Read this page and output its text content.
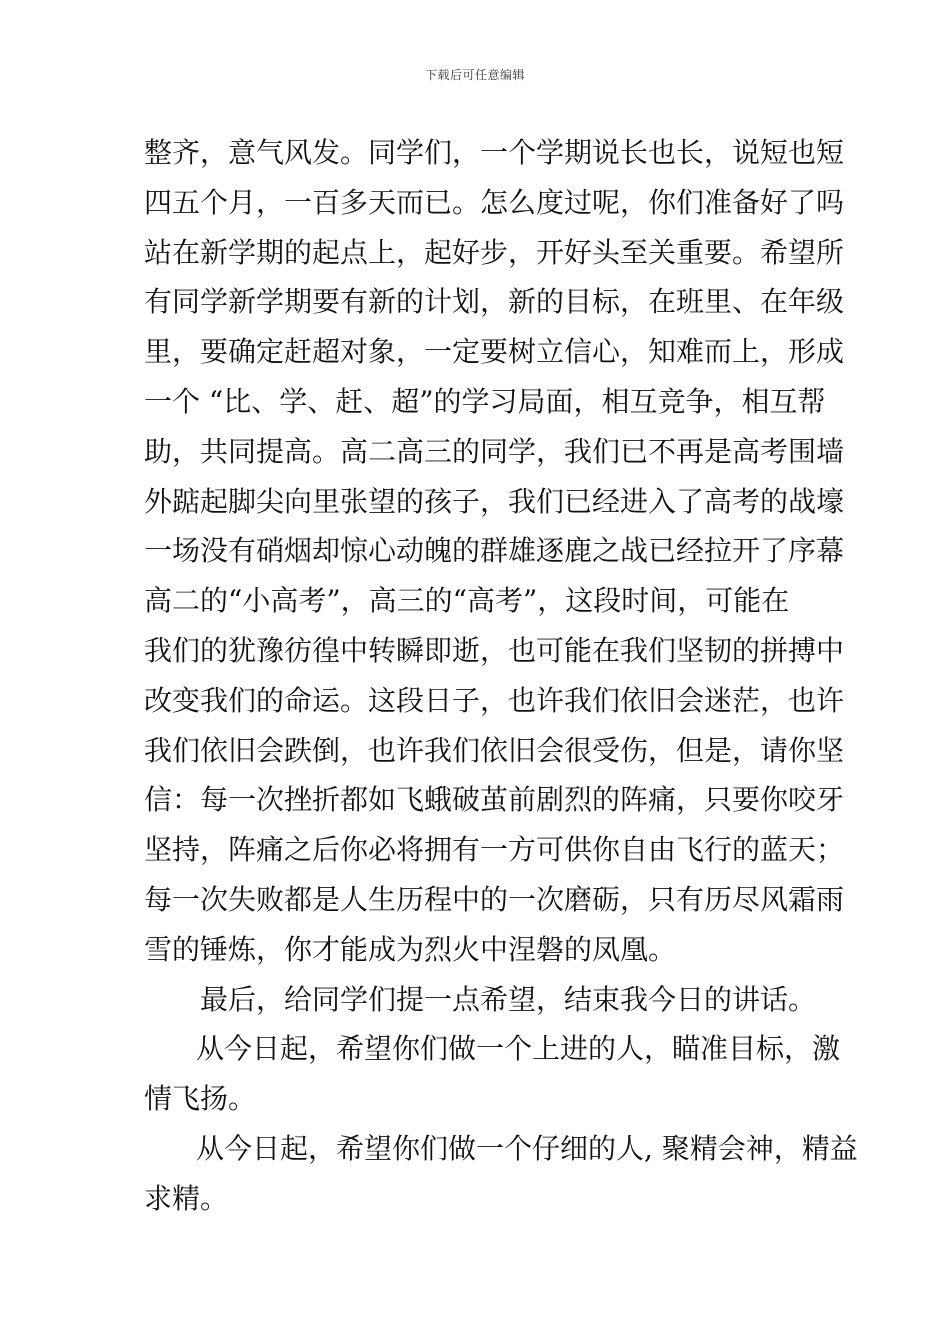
下载后可任意编辑
整齐，意气风发。同学们，一个学期说长也长，说短也短
四五个月，一百多天而已。怎么度过呢，你们准备好了吗
站在新学期的起点上，起好步，开好头至关重要。希望所
有同学新学期要有新的计划，新的目标，在班里、在年级
里，要确定赶超对象，一定要树立信心，知难而上，形成
一个 “比、学、赶、超”的学习局面，相互竞争，相互帮
助，共同提高。高二高三的同学，我们已不再是高考围墙
外踮起脚尖向里张望的孩子，我们已经进入了高考的战壕
一场没有硝烟却惊心动魄的群雄逐鹿之战已经拉开了序幕
高二的“小高考”，高三的“高考”，这段时间，可能在
我们的犹豫彷徨中转瞬即逝，也可能在我们坚韧的拼搏中
改变我们的命运。这段日子，也许我们依旧会迷茫，也许
我们依旧会跌倒，也许我们依旧会很受伤，但是，请你坚
信：每一次挫折都如飞蛾破茧前剧烈的阵痛，只要你咬牙
坚持，阵痛之后你必将拥有一方可供你自由飞行的蓝天；
每一次失败都是人生历程中的一次磨砺，只有历尽风霜雨
雪的锤炼，你才能成为烈火中涅磐的凤凰。
最后，给同学们提一点希望，结束我今日的讲话。
从今日起，希望你们做一个上进的人，瞄准目标，激
情飞扬。
从今日起，希望你们做一个仔细的人, 聚精会神，精益
求精。
